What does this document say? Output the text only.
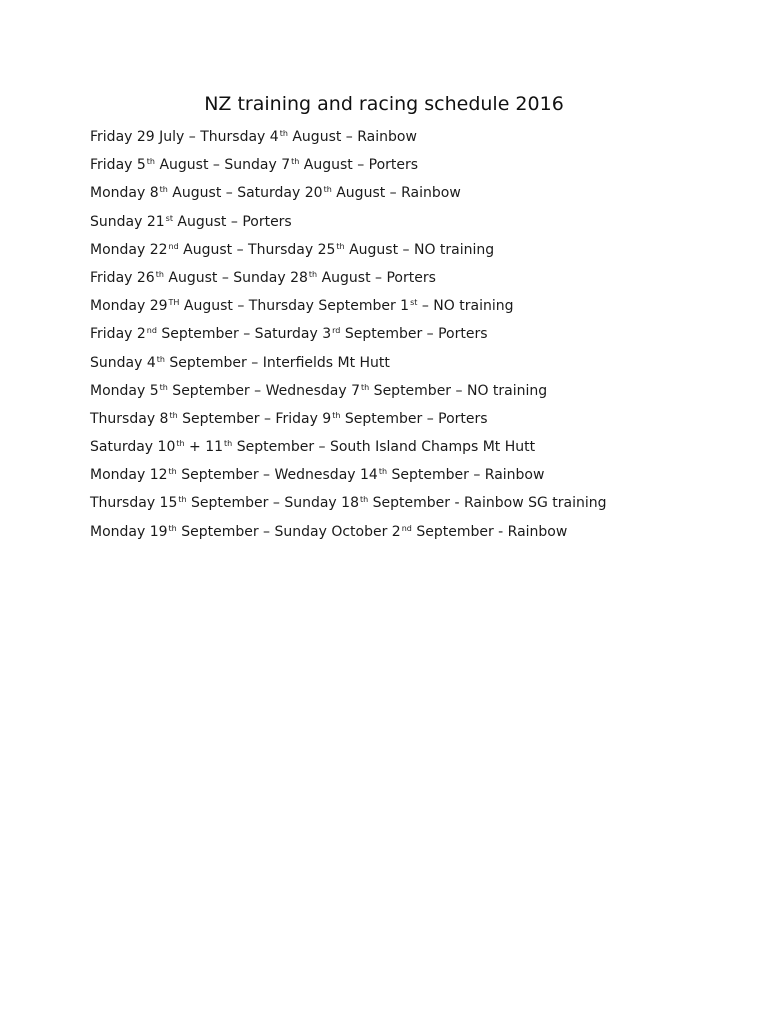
NZ training and racing schedule 2016
Friday 29 July – Thursday 4th August – Rainbow
Friday 5th August – Sunday 7th August – Porters
Monday 8th August – Saturday 20th August – Rainbow
Sunday 21st August – Porters
Monday 22nd August – Thursday 25th August – NO training
Friday 26th August – Sunday 28th August – Porters
Monday 29TH August – Thursday September 1st – NO training
Friday 2nd September – Saturday 3rd September – Porters
Sunday 4th September – Interfields Mt Hutt
Monday 5th September – Wednesday 7th September – NO training
Thursday 8th September – Friday 9th September – Porters
Saturday 10th + 11th September – South Island Champs Mt Hutt
Monday 12th September – Wednesday 14th September – Rainbow
Thursday 15th September – Sunday 18th September - Rainbow SG training
Monday 19th September – Sunday October 2nd September - Rainbow
